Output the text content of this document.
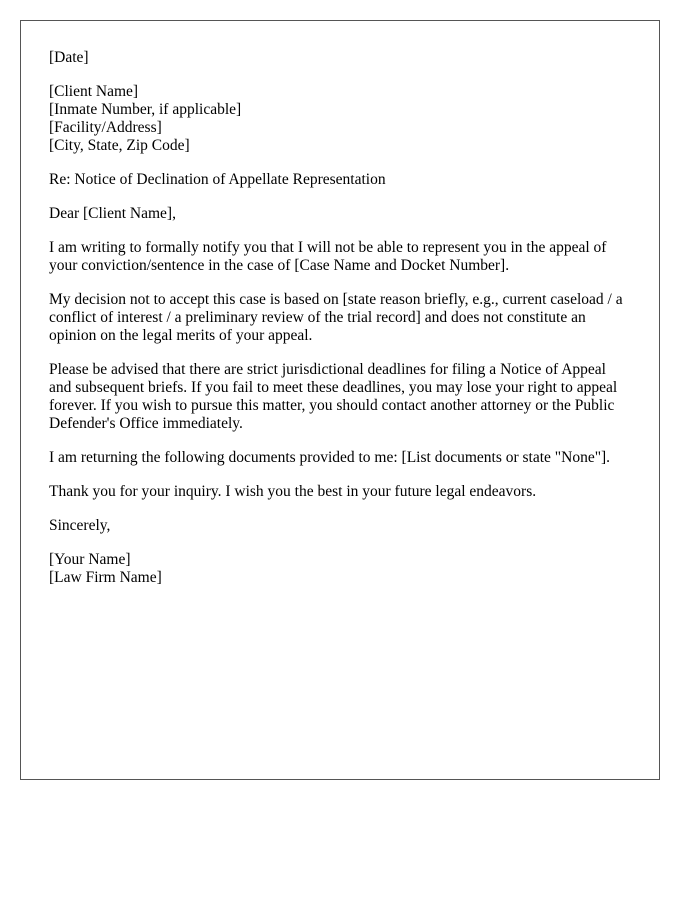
[Date]

[Client Name]

[Inmate Number, if applicable]

[Facility/Address]

[City, State, Zip Code]

Re: Notice of Declination of Appellate Representation

Dear [Client Name],

I am writing to formally notify you that I will not be able to represent you in the appeal of your conviction/sentence in the case of [Case Name and Docket Number].

My decision not to accept this case is based on [state reason briefly, e.g., current caseload / a conflict of interest / a preliminary review of the trial record] and does not constitute an opinion on the legal merits of your appeal.

Please be advised that there are strict jurisdictional deadlines for filing a Notice of Appeal and subsequent briefs. If you fail to meet these deadlines, you may lose your right to appeal forever. If you wish to pursue this matter, you should contact another attorney or the Public Defender's Office immediately.

I am returning the following documents provided to me: [List documents or state "None"].

Thank you for your inquiry. I wish you the best in your future legal endeavors.

Sincerely,

[Your Name]

[Law Firm Name]
